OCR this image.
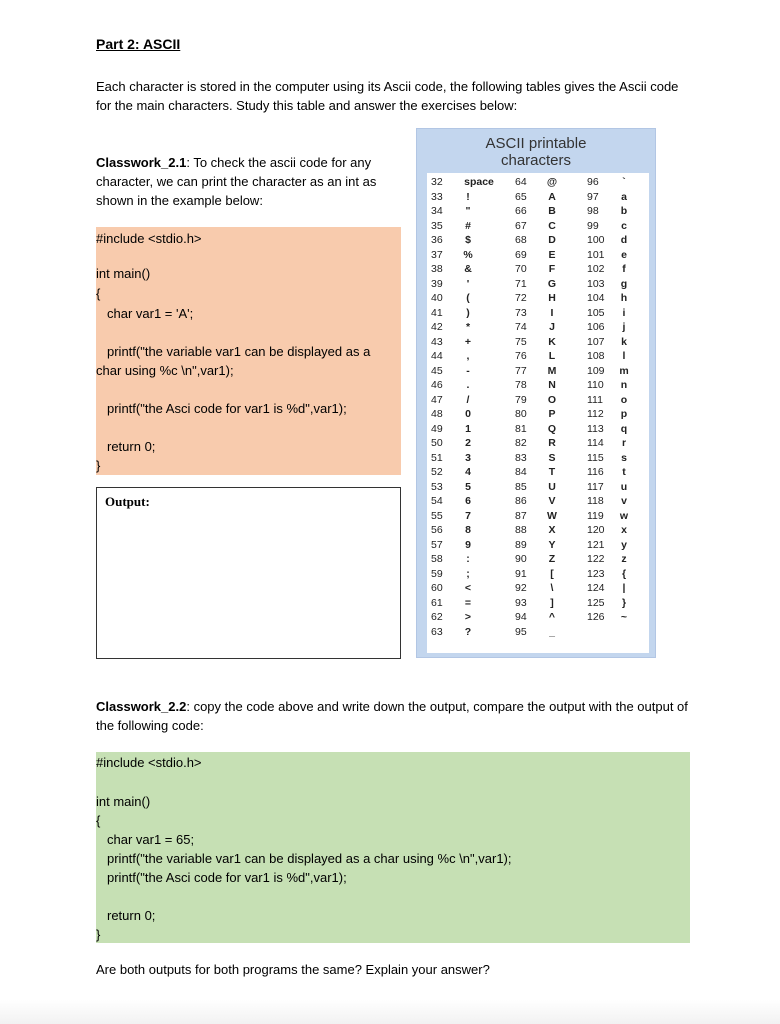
Part 2: ASCII
Each character is stored in the computer using its Ascii code, the following tables gives the Ascii code for the main characters. Study this table and answer the exercises below:
Classwork_2.1: To check the ascii code for any character, we can print the character as an int as shown in the example below:
#include <stdio.h>
int main()
{
char var1 = 'A';
printf("the variable var1 can be displayed as a
char using %c \n",var1);
printf("the Asci code for var1 is %d",var1);
return 0;
}
Output:
ASCII printable
characters
32 space
33 !
34 "
35 #
36 $
37 %
38 &
39 '
40 (
41 )
42 *
43 +
44 ,
45 -
46 .
47 /
48 0
49 1
50 2
51 3
52 4
53 5
54 6
55 7
56 8
57 9
58 :
59 ;
60 <
61 =
62 >
63 ?
64 @
65 A
66 B
67 C
68 D
69 E
70 F
71 G
72 H
73 I
74 J
75 K
76 L
77 M
78 N
79 O
80 P
81 Q
82 R
83 S
84 T
85 U
86 V
87 W
88 X
89 Y
90 Z
91 [
92 \
93 ]
94 ^
95 _
96 `
97 a
98 b
99 c
100 d
101 e
102 f
103 g
104 h
105 i
106 j
107 k
108 l
109 m
110 n
111 o
112 p
113 q
114 r
115 s
116 t
117 u
118 v
119 w
120 x
121 y
122 z
123 {
124 |
125 }
126 ~
Classwork_2.2: copy the code above and write down the output, compare the output with the output of the following code:
#include <stdio.h>
int main()
{
char var1 = 65;
printf("the variable var1 can be displayed as a char using %c \n",var1);
printf("the Asci code for var1 is %d",var1);
return 0;
}
Are both outputs for both programs the same? Explain your answer?
